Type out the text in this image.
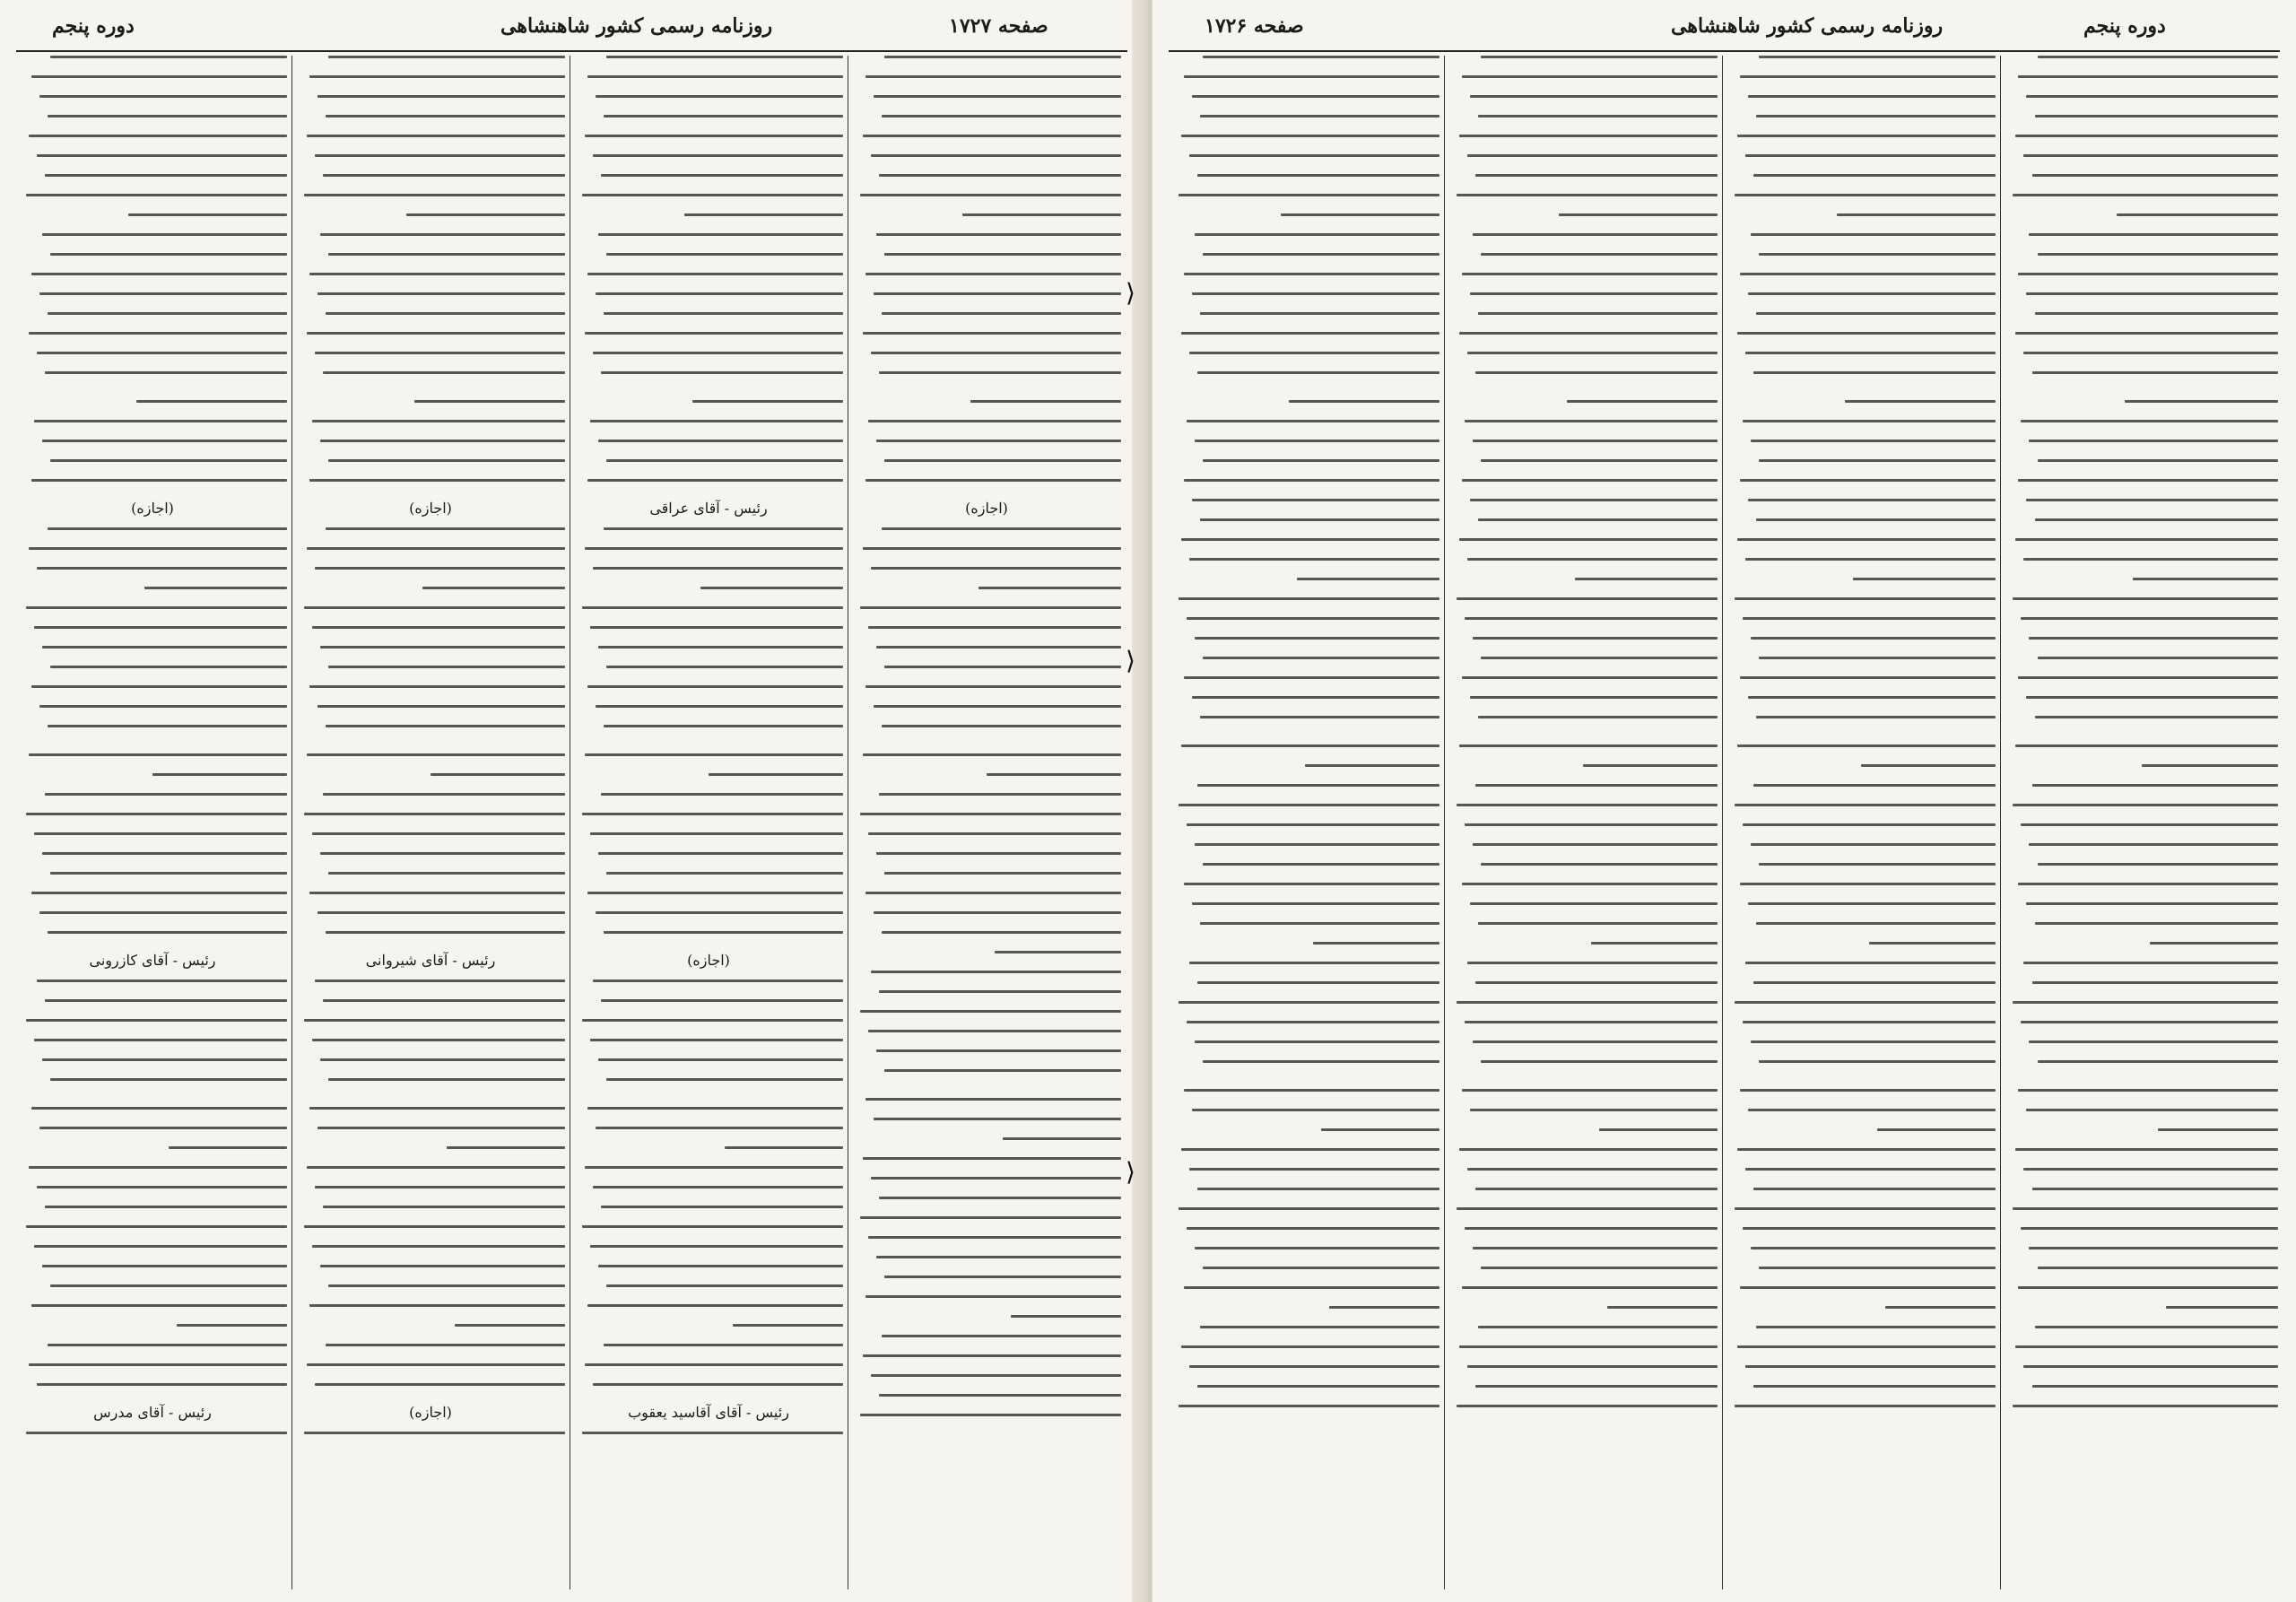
دوره پنجم	روزنامه رسمی کشور شاهنشاهی	صفحه ۱۷۲۷	صفحه ۱۷۲۶	روزنامه رسمی کشور شاهنشاهی	دوره پنجم
⟩
⟩
⟩
(اجازه)
رئیس - آقای کازرونی
رئیس - آقای مدرس
(اجازه)
رئیس - آقای شیروانی
(اجازه)
رئیس - آقای عراقی
(اجازه)
رئیس - آقای آقاسید یعقوب
(اجازه)
